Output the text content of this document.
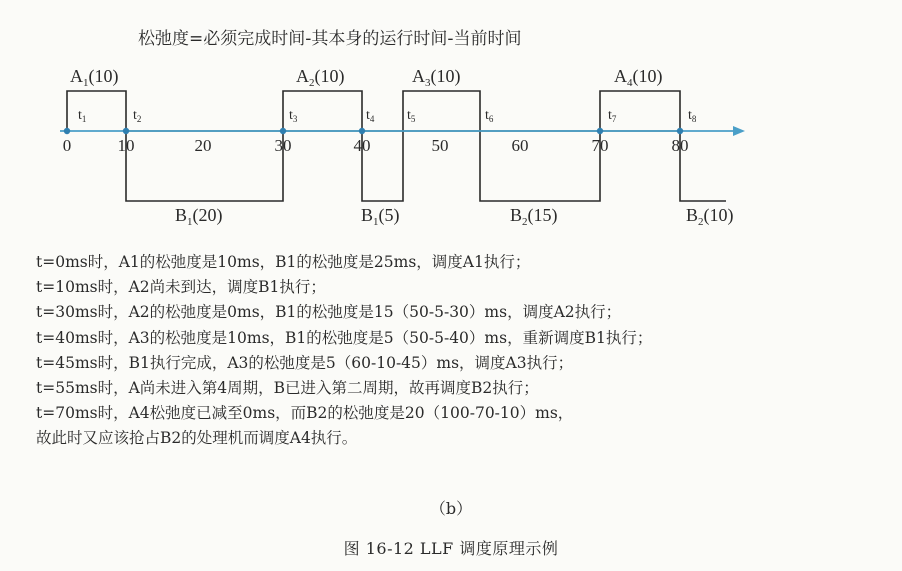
松弛度=必须完成时间-其本身的运行时间-当前时间
0	10	20	30	40	50	60	70	80
$A_1(10)$	$A_2(10)$	$A_3(10)$	$A_4(10)$
$B_1(20)$	$B_1(5)$	$B_2(15)$	$B_2(10)$
$t_1$	$t_2$	$t_3$	$t_4$ $t_5$	$t_6$	$t_7$	$t_8$
t=0ms时，A1的松弛度是10ms，B1的松弛度是25ms，调度A1执行；
t=10ms时，A2尚未到达，调度B1执行；
t=30ms时，A2的松弛度是0ms，B1的松弛度是15（50-5-30）ms，调度A2执行；
t=40ms时，A3的松弛度是10ms，B1的松弛度是5（50-5-40）ms，重新调度B1执行；
t=45ms时，B1执行完成，A3的松弛度是5（60-10-45）ms，调度A3执行；
t=55ms时，A尚未进入第4周期，B已进入第二周期，故再调度B2执行；
t=70ms时，A4松弛度已减至0ms，而B2的松弛度是20（100-70-10）ms，
故此时又应该抢占B2的处理机而调度A4执行。
（b）
图 16-12 LLF 调度原理示例
